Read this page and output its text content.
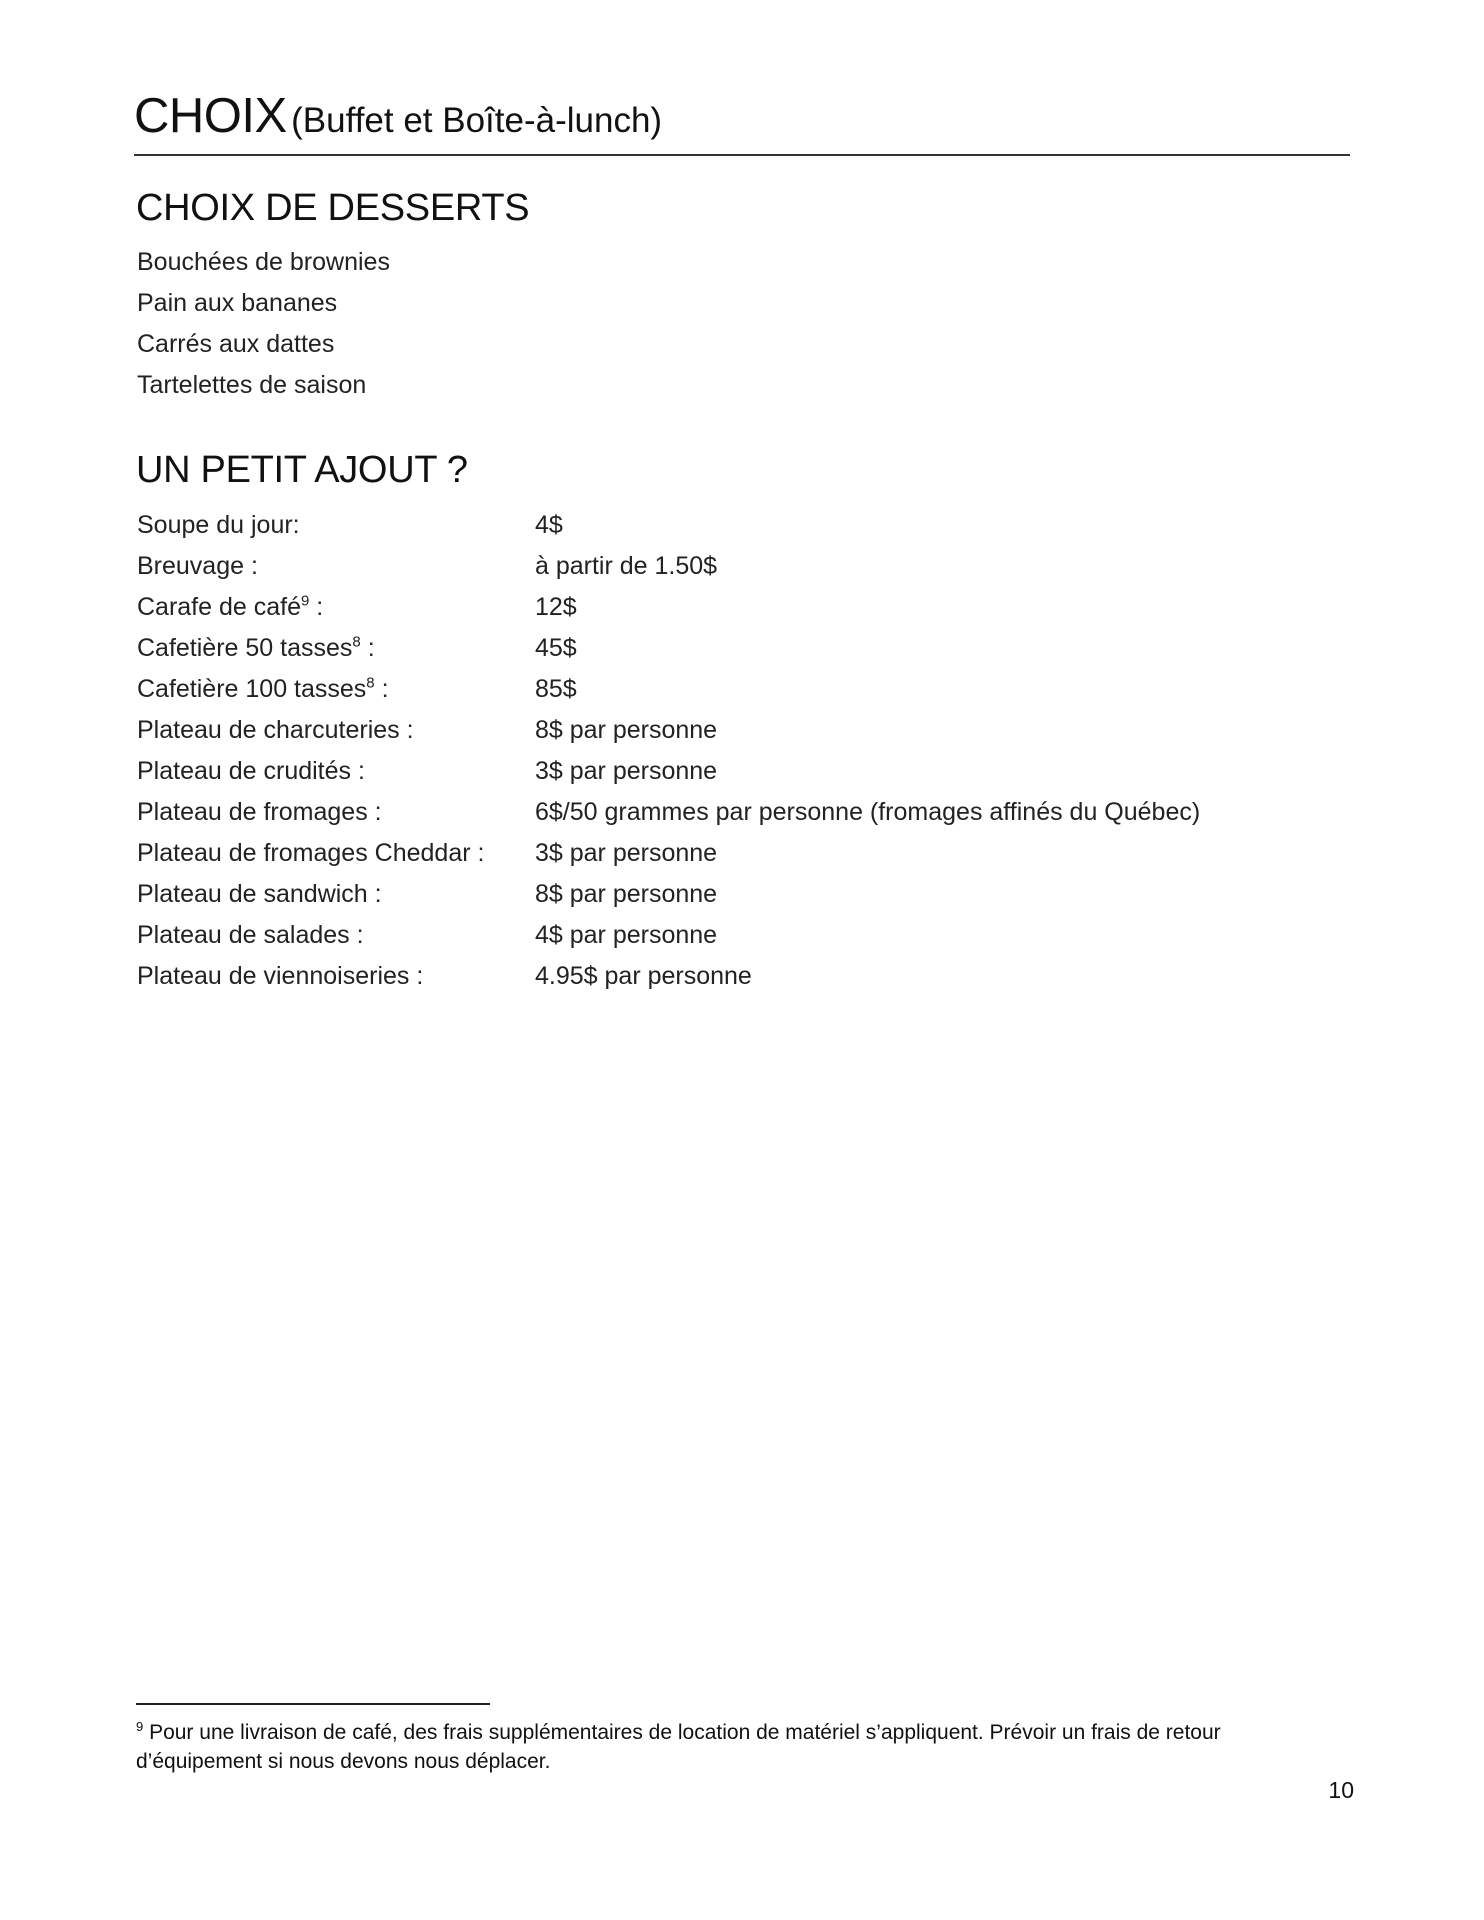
CHOIX (Buffet et Boîte-à-lunch)
CHOIX DE DESSERTS
Bouchées de brownies
Pain aux bananes
Carrés aux dattes
Tartelettes de saison
UN PETIT AJOUT ?
Soupe du jour:	4$
Breuvage :	à partir de 1.50$
Carafe de café$^9$ :	12$
Cafetière 50 tasses$^8$ :	45$
Cafetière 100 tasses$^8$ :	85$
Plateau de charcuteries :	8$ par personne
Plateau de crudités :	3$ par personne
Plateau de fromages :	6$/50 grammes par personne (fromages affinés du Québec)
Plateau de fromages Cheddar :	3$ par personne
Plateau de sandwich :	8$ par personne
Plateau de salades :	4$ par personne
Plateau de viennoiseries :	4.95$ par personne
$^9$ Pour une livraison de café, des frais supplémentaires de location de matériel s’appliquent. Prévoir un frais de retour d’équipement si nous devons nous déplacer.
10
